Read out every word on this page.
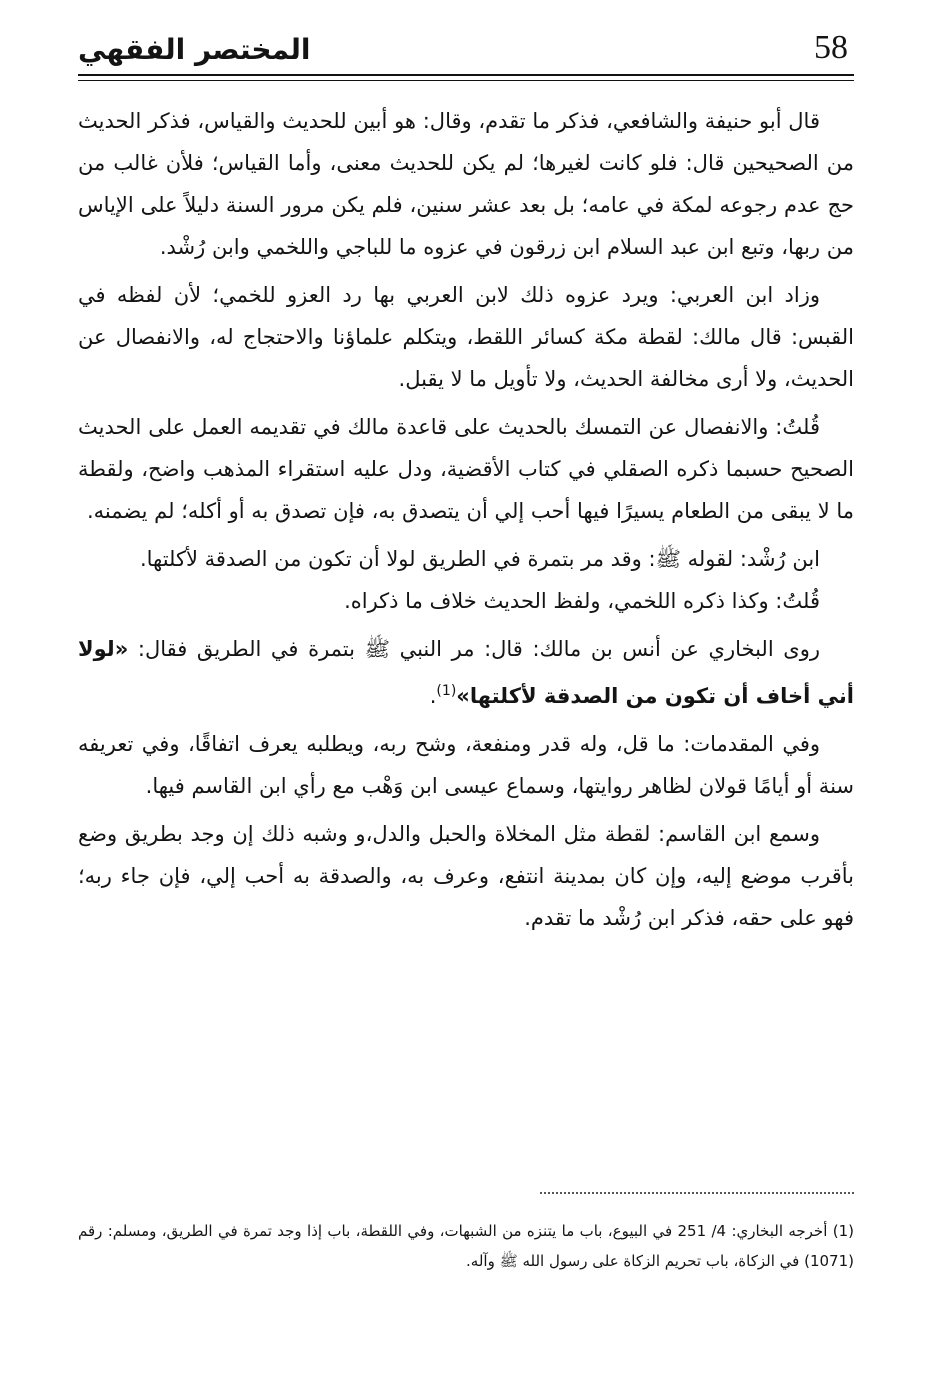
58
المختصر الفقهي

قال أبو حنيفة والشافعي، فذكر ما تقدم، وقال: هو أبين للحديث والقياس، فذكر الحديث من الصحيحين قال: فلو كانت لغيرها؛ لم يكن للحديث معنى، وأما القياس؛ فلأن غالب من حج عدم رجوعه لمكة في عامه؛ بل بعد عشر سنين، فلم يكن مرور السنة دليلاً على الإياس من ربها، وتبع ابن عبد السلام ابن زرقون في عزوه ما للباجي واللخمي وابن رُشْد.

وزاد ابن العربي: ويرد عزوه ذلك لابن العربي بها رد العزو للخمي؛ لأن لفظه في القبس: قال مالك: لقطة مكة كسائر اللقط، ويتكلم علماؤنا والاحتجاج له، والانفصال عن الحديث، ولا أرى مخالفة الحديث، ولا تأويل ما لا يقبل.

قُلتُ: والانفصال عن التمسك بالحديث على قاعدة مالك في تقديمه العمل على الحديث الصحيح حسبما ذكره الصقلي في كتاب الأقضية، ودل عليه استقراء المذهب واضح، ولقطة ما لا يبقى من الطعام يسيرًا فيها أحب إلي أن يتصدق به، فإن تصدق به أو أكله؛ لم يضمنه.

ابن رُشْد: لقوله ﷺ: وقد مر بتمرة في الطريق لولا أن تكون من الصدقة لأكلتها.

قُلتُ: وكذا ذكره اللخمي، ولفظ الحديث خلاف ما ذكراه.

روى البخاري عن أنس بن مالك: قال: مر النبي ﷺ بتمرة في الطريق فقال: «لولا أني أخاف أن تكون من الصدقة لأكلتها»$^{(1)}$.

وفي المقدمات: ما قل، وله قدر ومنفعة، وشح ربه، ويطلبه يعرف اتفاقًا، وفي تعريفه سنة أو أيامًا قولان لظاهر روايتها، وسماع عيسى ابن وَهْب مع رأي ابن القاسم فيها.

وسمع ابن القاسم: لقطة مثل المخلاة والحبل والدل،و وشبه ذلك إن وجد بطريق وضع بأقرب موضع إليه، وإن كان بمدينة انتفع، وعرف به، والصدقة به أحب إلي، فإن جاء ربه؛ فهو على حقه، فذكر ابن رُشْد ما تقدم.

(1) أخرجه البخاري: 4/ 251 في البيوع، باب ما يتنزه من الشبهات، وفي اللقطة، باب إذا وجد تمرة في الطريق، ومسلم: رقم (1071) في الزكاة، باب تحريم الزكاة على رسول الله ﷺ وآله.
